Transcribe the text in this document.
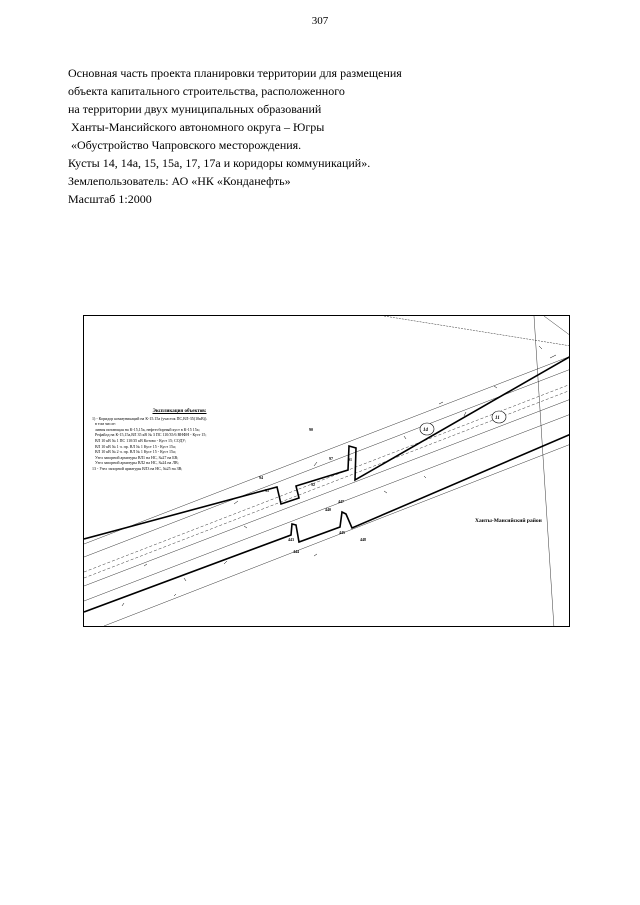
307
Основная часть проекта планировки территории для размещения
объекта капитального строительства, расположенного
на территории двух муниципальных образований
Ханты-Мансийского автономного округа – Югры
«Обустройство Чапровского месторождения.
Кусты 14, 14а, 15, 15а, 17, 17а и коридоры коммуникаций».
Землепользователь: АО «НК «Конданефть»
Масштаб 1:2000
14
11
Экспликация объектов:
1) - Коридор коммуникаций на К-15.15а (участок ПС,ВЛ-35(10кВ)).
в том числе:
линия питающая на К-15,15а, нефтесборный куст в К-15 15а;
Рефайлд на К-15,15а,ВЛ 35 кВ № 3 ПС 110/35/6 ВНФН - Куст 15;
ВЛ 10 кВ № 1 ПС 110/35 кВ Котово - Куст 15; СОДУ;
ВЛ 10 кВ № 1 ч. пр. ВЛ № 1 Куст 15 - Куст 15а;
ВЛ 10 кВ № 2 ч. пр. ВЛ № 1 Куст 15 - Куст 15а;
Узел запорной арматуры ВЛ1 на НС, №27 на БВ;
Узел запорной арматуры ВЛ2 на НС, №24 на ЛВ;
13 - Узел запорной арматуры ВЛ3 на НС, №25 на ЗВ;
Ханты-Мансийский район
90
97	91
94
92
95
447
440
445
448
443
444
